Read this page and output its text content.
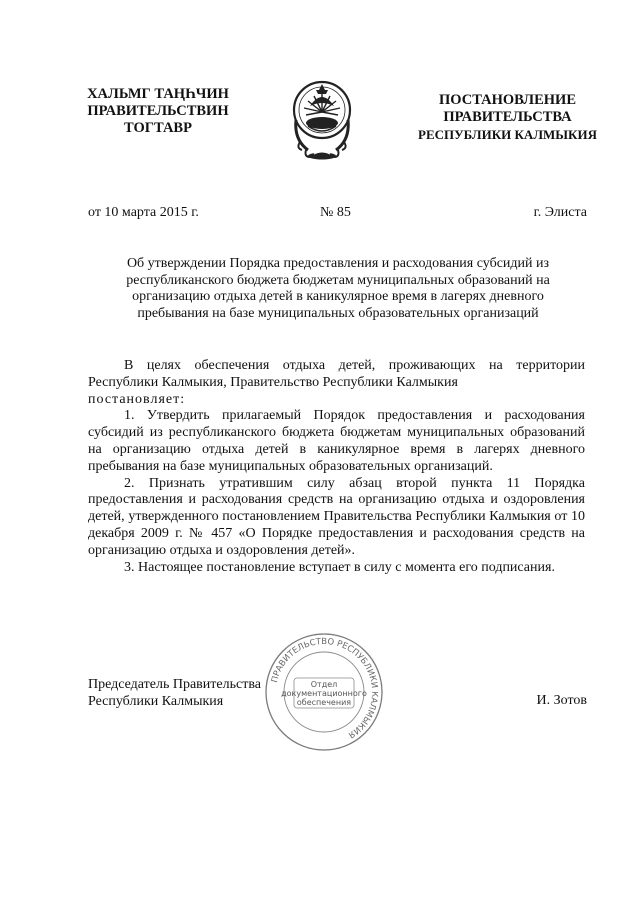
ХАЛЬМГ ТАҢҺЧИН
ПРАВИТЕЛЬСТВИН
ТОГТАВР
ПОСТАНОВЛЕНИЕ
ПРАВИТЕЛЬСТВА
РЕСПУБЛИКИ КАЛМЫКИЯ
от 10 марта 2015 г.	№ 85	г. Элиста
Об утверждении Порядка предоставления и расходования субсидий из
республиканского бюджета бюджетам муниципальных образований на
организацию отдыха детей в каникулярное время в лагерях дневного
пребывания на базе муниципальных образовательных организаций

В целях обеспечения отдыха детей, проживающих на территории Республики Калмыкия, Правительство Республики Калмыкия

постановляет:

1. Утвердить прилагаемый Порядок предоставления и расходования субсидий из республиканского бюджета бюджетам муниципальных образований на организацию отдыха детей в каникулярное время в лагерях дневного пребывания на базе муниципальных образовательных организаций.

2. Признать утратившим силу абзац второй пункта 11 Порядка предоставления и расходования средств на организацию отдыха и оздоровления детей, утвержденного постановлением Правительства Республики Калмыкия от 10 декабря 2009 г. № 457 «О Порядке предоставления и расходования средств на организацию отдыха и оздоровления детей».

3. Настоящее постановление вступает в силу с момента его подписания.

ПРАВИТЕЛЬСТВО РЕСПУБЛИКИ КАЛМЫКИЯ
Отдел
документационного
обеспечения
Председатель Правительства
Республики Калмыкия	И. Зотов
